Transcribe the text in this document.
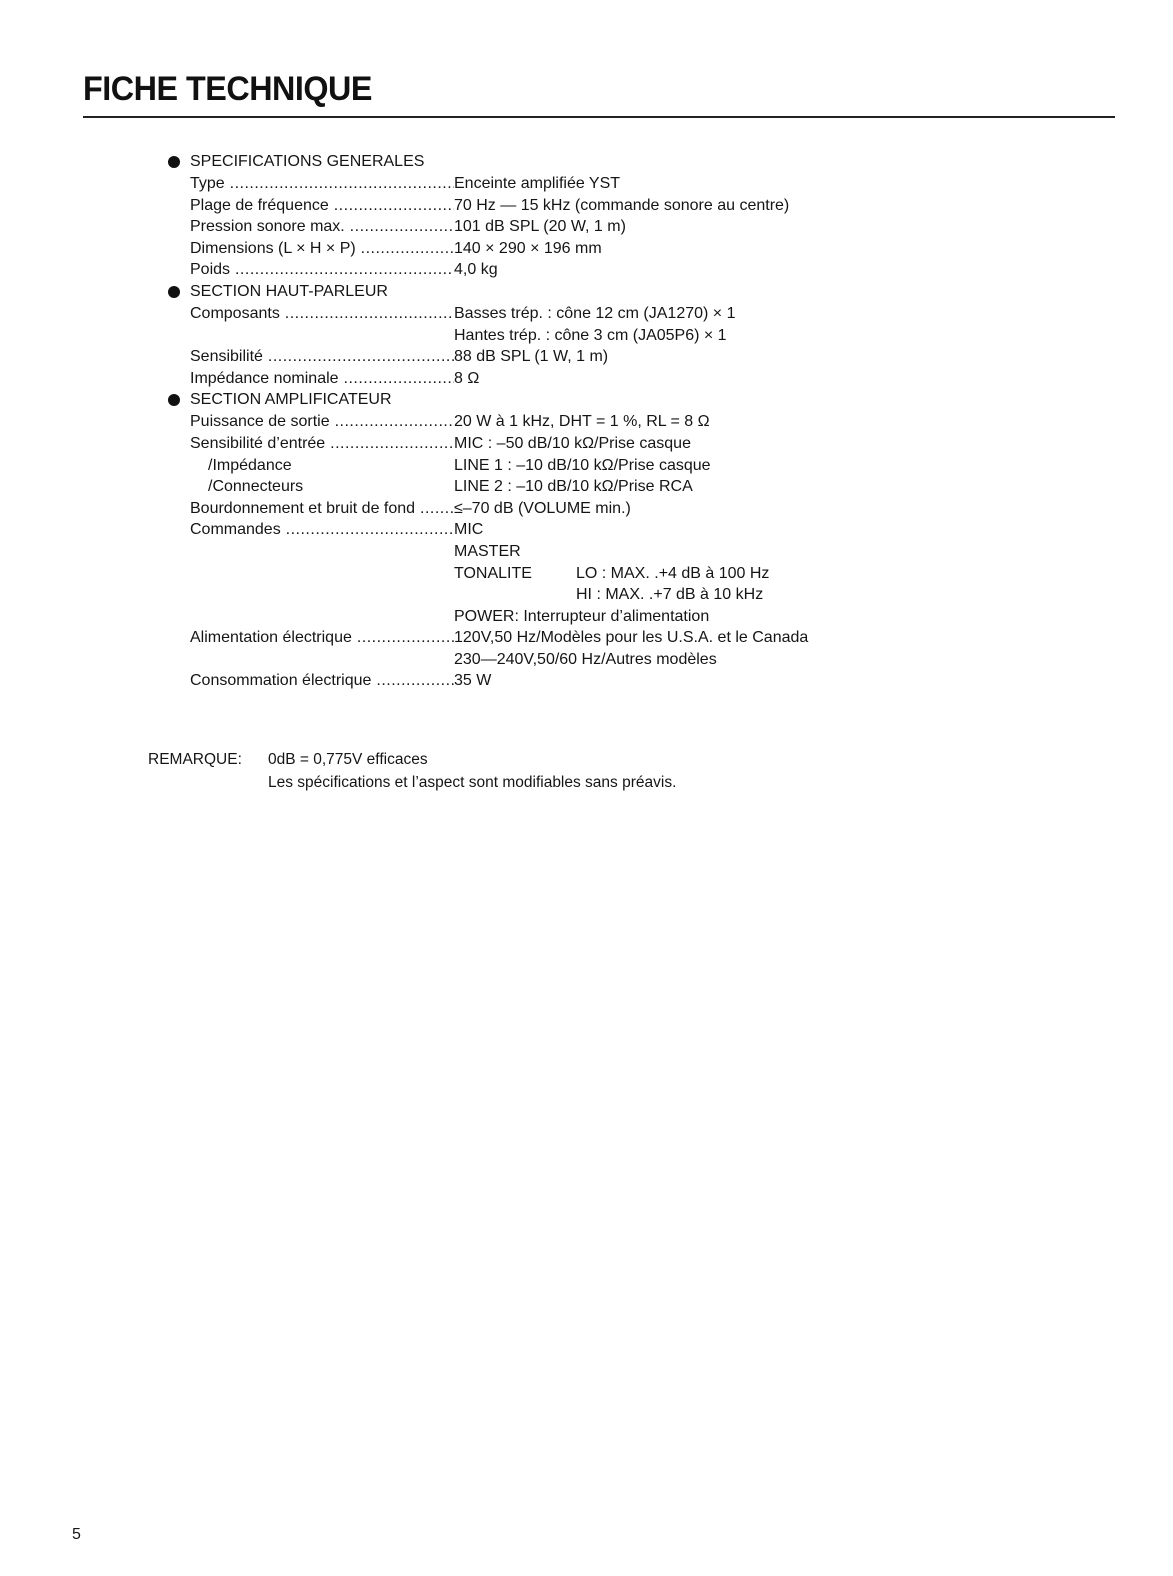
FICHE TECHNIQUE
SPECIFICATIONS GENERALES
Type .....	Enceinte amplifiée YST
Plage de fréquence .....	70 Hz — 15 kHz (commande sonore au centre)
Pression sonore max. .....	101 dB SPL (20 W, 1 m)
Dimensions (L × H × P) .....	140 × 290 × 196 mm
Poids .....	4,0 kg
SECTION HAUT-PARLEUR
Composants .....	Basses trép. : cône 12 cm (JA1270) × 1
Hantes trép. : cône 3 cm (JA05P6) × 1
Sensibilité .....	88 dB SPL (1 W, 1 m)
Impédance nominale .....	8 Ω
SECTION AMPLIFICATEUR
Puissance de sortie .....	20 W à 1 kHz, DHT = 1 %, RL = 8 Ω
Sensibilité d’entrée .....	MIC : –50 dB/10 kΩ/Prise casque
/Impédance	LINE 1 : –10 dB/10 kΩ/Prise casque
/Connecteurs	LINE 2 : –10 dB/10 kΩ/Prise RCA
Bourdonnement et bruit de fond .....	≤–70 dB (VOLUME min.)
Commandes .....	MIC
MASTER
TONALITE	LO : MAX. .+4 dB à 100 Hz
HI : MAX. .+7 dB à 10 kHz
POWER: Interrupteur d’alimentation
Alimentation électrique .....	120V,50 Hz/Modèles pour les U.S.A. et le Canada
230—240V,50/60 Hz/Autres modèles
Consommation électrique .....	35 W
REMARQUE: 0dB = 0,775V efficaces
Les spécifications et l’aspect sont modifiables sans préavis.
5
